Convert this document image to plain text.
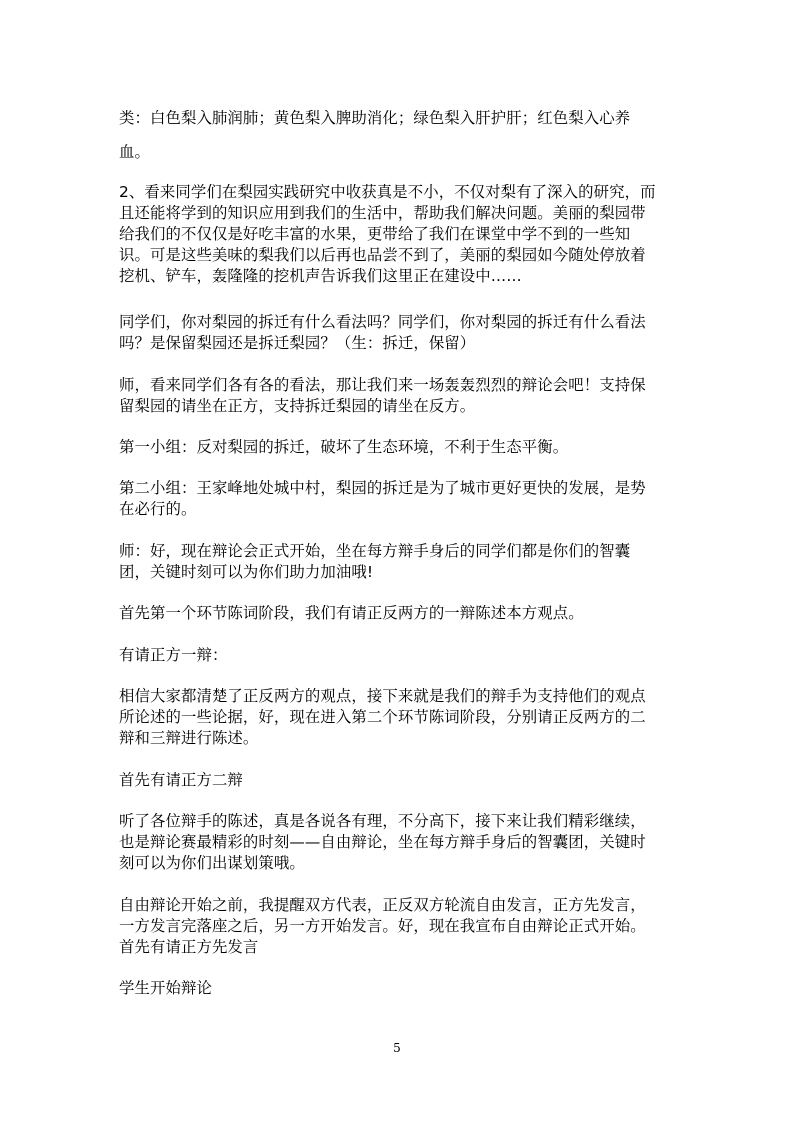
类：白色梨入肺润肺；黄色梨入脾助消化；绿色梨入肝护肝；红色梨入心养

血。

2、看来同学们在梨园实践研究中收获真是不小，不仅对梨有了深入的研究，而
且还能将学到的知识应用到我们的生活中，帮助我们解决问题。美丽的梨园带
给我们的不仅仅是好吃丰富的水果，更带给了我们在课堂中学不到的一些知
识。可是这些美味的梨我们以后再也品尝不到了，美丽的梨园如今随处停放着
挖机、铲车，轰隆隆的挖机声告诉我们这里正在建设中……

同学们，你对梨园的拆迁有什么看法吗？同学们，你对梨园的拆迁有什么看法
吗？是保留梨园还是拆迁梨园？（生：拆迁，保留）

师，看来同学们各有各的看法，那让我们来一场轰轰烈烈的辩论会吧！支持保
留梨园的请坐在正方，支持拆迁梨园的请坐在反方。

第一小组：反对梨园的拆迁，破坏了生态环境，不利于生态平衡。

第二小组：王家峰地处城中村，梨园的拆迁是为了城市更好更快的发展，是势
在必行的。

师：好，现在辩论会正式开始，坐在每方辩手身后的同学们都是你们的智囊
团，关键时刻可以为你们助力加油哦!

首先第一个环节陈词阶段，我们有请正反两方的一辩陈述本方观点。

有请正方一辩：

相信大家都清楚了正反两方的观点，接下来就是我们的辩手为支持他们的观点
所论述的一些论据，好，现在进入第二个环节陈词阶段，分别请正反两方的二
辩和三辩进行陈述。

首先有请正方二辩

听了各位辩手的陈述，真是各说各有理，不分高下，接下来让我们精彩继续，
也是辩论赛最精彩的时刻——自由辩论，坐在每方辩手身后的智囊团，关键时
刻可以为你们出谋划策哦。

自由辩论开始之前，我提醒双方代表，正反双方轮流自由发言，正方先发言，
一方发言完落座之后，另一方开始发言。好，现在我宣布自由辩论正式开始。
首先有请正方先发言

学生开始辩论

5
